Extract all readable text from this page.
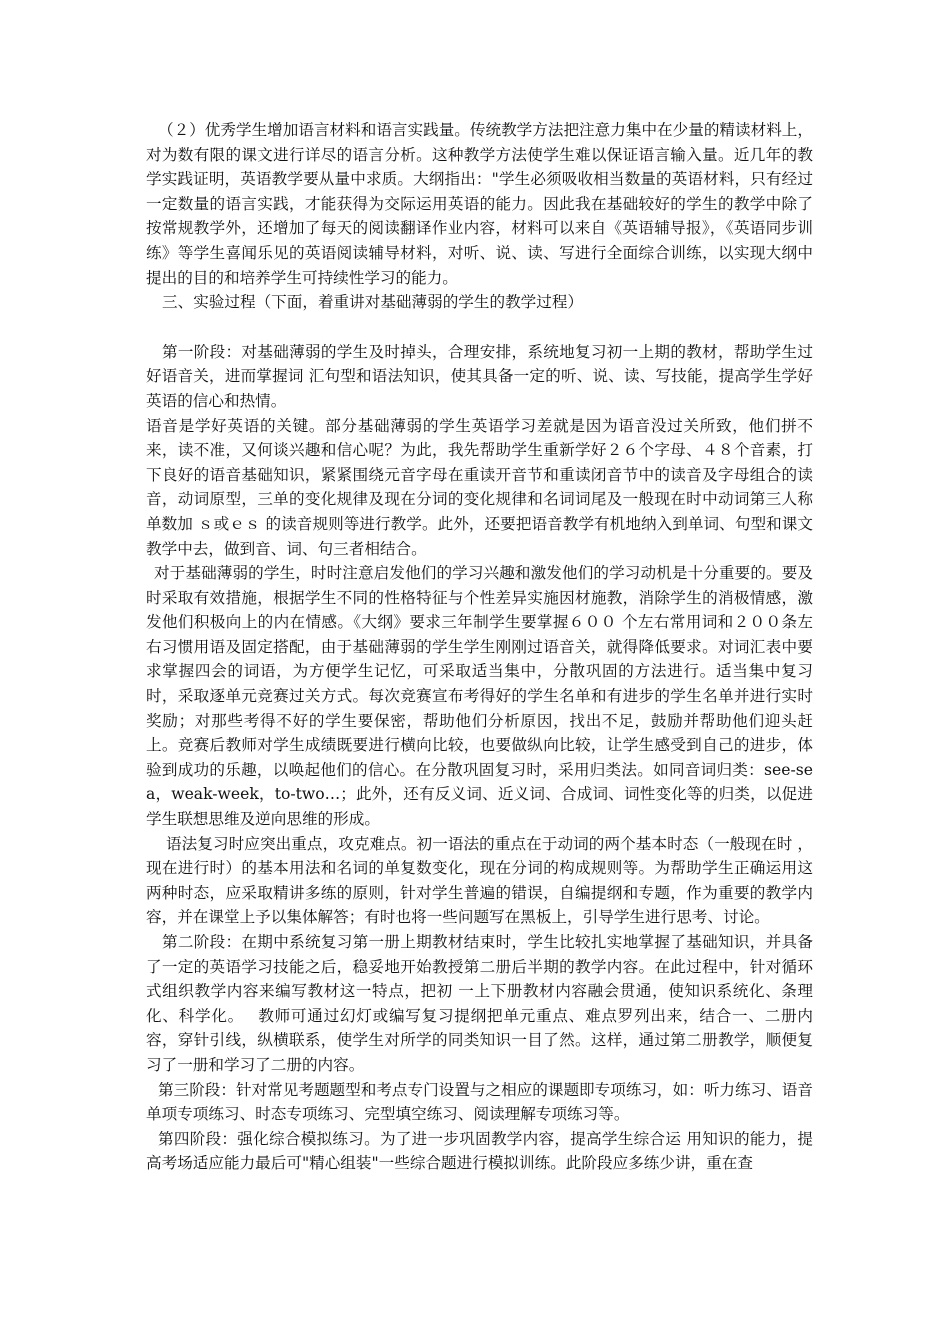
（２）优秀学生增加语言材料和语言实践量。传统教学方法把注意力集中在少量的精读材料上，对为数有限的课文进行详尽的语言分析。这种教学方法使学生难以保证语言输入量。近几年的教学实践证明，英语教学要从量中求质。大纲指出："学生必须吸收相当数量的英语材料，只有经过一定数量的语言实践，才能获得为交际运用英语的能力。因此我在基础较好的学生的教学中除了按常规教学外，还增加了每天的阅读翻译作业内容，材料可以来自《英语辅导报》，《英语同步训练》等学生喜闻乐见的英语阅读辅导材料，对听、说、读、写进行全面综合训练，以实现大纲中提出的目的和培养学生可持续性学习的能力。

三、实验过程（下面，着重讲对基础薄弱的学生的教学过程）

第一阶段：对基础薄弱的学生及时掉头，合理安排，系统地复习初一上期的教材，帮助学生过好语音关，进而掌握词 汇句型和语法知识，使其具备一定的听、说、读、写技能，提高学生学好英语的信心和热情。

语音是学好英语的关键。部分基础薄弱的学生英语学习差就是因为语音没过关所致，他们拼不来，读不准，又何谈兴趣和信心呢？为此，我先帮助学生重新学好２６个字母、４８个音素，打下良好的语音基础知识，紧紧围绕元音字母在重读开音节和重读闭音节中的读音及字母组合的读音，动词原型，三单的变化规律及现在分词的变化规律和名词词尾及一般现在时中动词第三人称单数加 ｓ或ｅｓ 的读音规则等进行教学。此外，还要把语音教学有机地纳入到单词、句型和课文教学中去，做到音、词、句三者相结合。

对于基础薄弱的学生，时时注意启发他们的学习兴趣和激发他们的学习动机是十分重要的。要及时采取有效措施，根据学生不同的性格特征与个性差异实施因材施教，消除学生的消极情感，激发他们积极向上的内在情感。《大纲》要求三年制学生要掌握６００ 个左右常用词和２００条左右习惯用语及固定搭配，由于基础薄弱的学生学生刚刚过语音关，就得降低要求。对词汇表中要求掌握四会的词语，为方便学生记忆，可采取适当集中，分散巩固的方法进行。适当集中复习时，采取逐单元竞赛过关方式。每次竞赛宣布考得好的学生名单和有进步的学生名单并进行实时奖励；对那些考得不好的学生要保密，帮助他们分析原因，找出不足，鼓励并帮助他们迎头赶上。竞赛后教师对学生成绩既要进行横向比较，也要做纵向比较，让学生感受到自己的进步，体验到成功的乐趣，以唤起他们的信心。在分散巩固复习时，采用归类法。如同音词归类：see-sea，weak-week，to-two…；此外，还有反义词、近义词、合成词、词性变化等的归类，以促进学生联想思维及逆向思维的形成。

语法复习时应突出重点，攻克难点。初一语法的重点在于动词的两个基本时态（一般现在时 ，现在进行时）的基本用法和名词的单复数变化，现在分词的构成规则等。为帮助学生正确运用这两种时态，应采取精讲多练的原则，针对学生普遍的错误，自编提纲和专题，作为重要的教学内容，并在课堂上予以集体解答；有时也将一些问题写在黑板上，引导学生进行思考、讨论。

第二阶段：在期中系统复习第一册上期教材结束时，学生比较扎实地掌握了基础知识，并具备了一定的英语学习技能之后，稳妥地开始教授第二册后半期的教学内容。在此过程中，针对循环式组织教学内容来编写教材这一特点，把初 一上下册教材内容融会贯通，使知识系统化、条理化、科学化。　 教师可通过幻灯或编写复习提纲把单元重点、难点罗列出来，结合一、二册内容，穿针引线，纵横联系，使学生对所学的同类知识一目了然。这样，通过第二册教学，顺便复习了一册和学习了二册的内容。

第三阶段：针对常见考题题型和考点专门设置与之相应的课题即专项练习，如：听力练习、语音单项专项练习、时态专项练习、完型填空练习、阅读理解专项练习等。

第四阶段：强化综合模拟练习。为了进一步巩固教学内容，提高学生综合运 用知识的能力，提高考场适应能力最后可"精心组装"一些综合题进行模拟训练。此阶段应多练少讲，重在查
